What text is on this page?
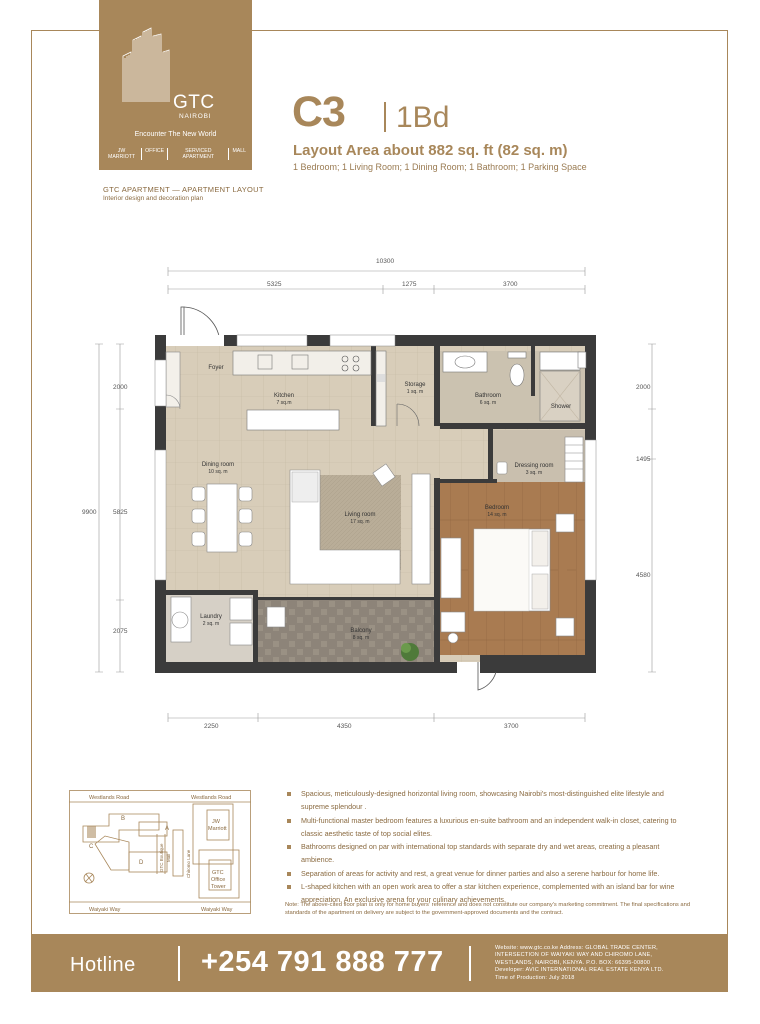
GTC
NAIROBI
Encounter The New World
JW MARRIOTT
OFFICE	SERVICED APARTMENT
MALL
GTC APARTMENT — APARTMENT LAYOUT
Interior design and decoration plan
C3 1Bd
Layout Area about 882 sq. ft (82 sq. m)
1 Bedroom; 1 Living Room; 1 Dining Room; 1 Bathroom; 1 Parking Space
10300
5325	1275	3700
2250	4350	3700
9900
2000
5825
2075
2000
1495
4580
Foyer
Kitchen
7 sq.m
Storage
1 sq. m
Bathroom
6 sq. m
Shower
Dining room
10 sq. m
Living room
17 sq. m
Dressing room
3 sq. m
Bedroom
14 sq. m
Laundry
2 sq. m
Balcony
8 sq. m
Westlands Road	Westlands Road
Waiyaki Way	Waiyaki Way
B
A
C
D
JW
Marriott
GTC
Office
Tower
GTC Boutique Mall	Chiromo Lane
Spacious, meticulously-designed horizontal living room, showcasing Nairobi's most-distinguished elite lifestyle and supreme splendour .
Multi-functional master bedroom features a luxurious en-suite bathroom and an independent walk-in closet, catering to classic aesthetic taste of top social elites.
Bathrooms designed on par with international top standards with separate dry and wet areas, creating a pleasant ambience.
Separation of areas for activity and rest, a great venue for dinner parties and also a serene harbour for home life.
L-shaped kitchen with an open work area to offer a star kitchen experience, complemented with an island bar for wine appreciation. An exclusive arena for your culinary achievements.
Note: The above-cited floor plan is only for home buyers' reference and does not constitute our company's marketing commitment. The final specifications and standards of the apartment on delivery are subject to the government-approved documents and the contract.
Hotline +254 791 888 777	Website: www.gtc.co.ke Address: GLOBAL TRADE CENTER,
INTERSECTION OF WAIYAKI WAY AND CHIROMO LANE,
WESTLANDS, NAIROBI, KENYA. P.O. BOX: 66395-00800
Developer: AVIC INTERNATIONAL REAL ESTATE KENYA LTD.
Time of Production: July 2018
